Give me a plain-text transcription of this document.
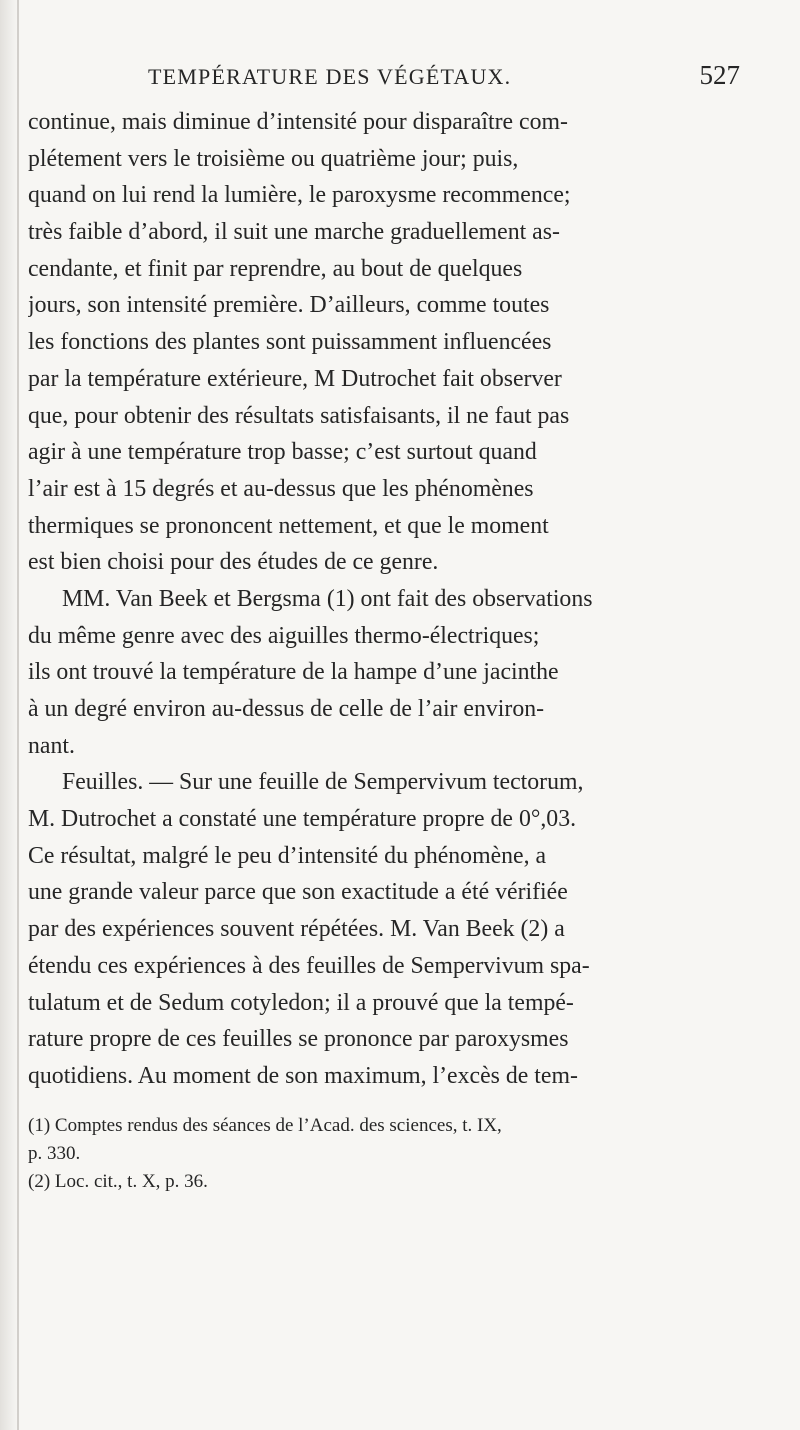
TEMPÉRATURE DES VÉGÉTAUX.	527
continue, mais diminue d’intensité pour disparaître com-
plétement vers le troisième ou quatrième jour; puis,
quand on lui rend la lumière, le paroxysme recommence;
très faible d’abord, il suit une marche graduellement as-
cendante, et finit par reprendre, au bout de quelques
jours, son intensité première. D’ailleurs, comme toutes
les fonctions des plantes sont puissamment influencées
par la température extérieure, M Dutrochet fait observer
que, pour obtenir des résultats satisfaisants, il ne faut pas
agir à une température trop basse; c’est surtout quand
l’air est à 15 degrés et au-dessus que les phénomènes
thermiques se prononcent nettement, et que le moment
est bien choisi pour des études de ce genre.
MM. Van Beek et Bergsma (1) ont fait des observations
du même genre avec des aiguilles thermo-électriques;
ils ont trouvé la température de la hampe d’une jacinthe
à un degré environ au-dessus de celle de l’air environ-
nant.
Feuilles. — Sur une feuille de Sempervivum tectorum,
M. Dutrochet a constaté une température propre de 0°,03.
Ce résultat, malgré le peu d’intensité du phénomène, a
une grande valeur parce que son exactitude a été vérifiée
par des expériences souvent répétées. M. Van Beek (2) a
étendu ces expériences à des feuilles de Sempervivum spa-
tulatum et de Sedum cotyledon; il a prouvé que la tempé-
rature propre de ces feuilles se prononce par paroxysmes
quotidiens. Au moment de son maximum, l’excès de tem-
(1) Comptes rendus des séances de l’Acad. des sciences, t. IX,
p. 330.
(2) Loc. cit., t. X, p. 36.
